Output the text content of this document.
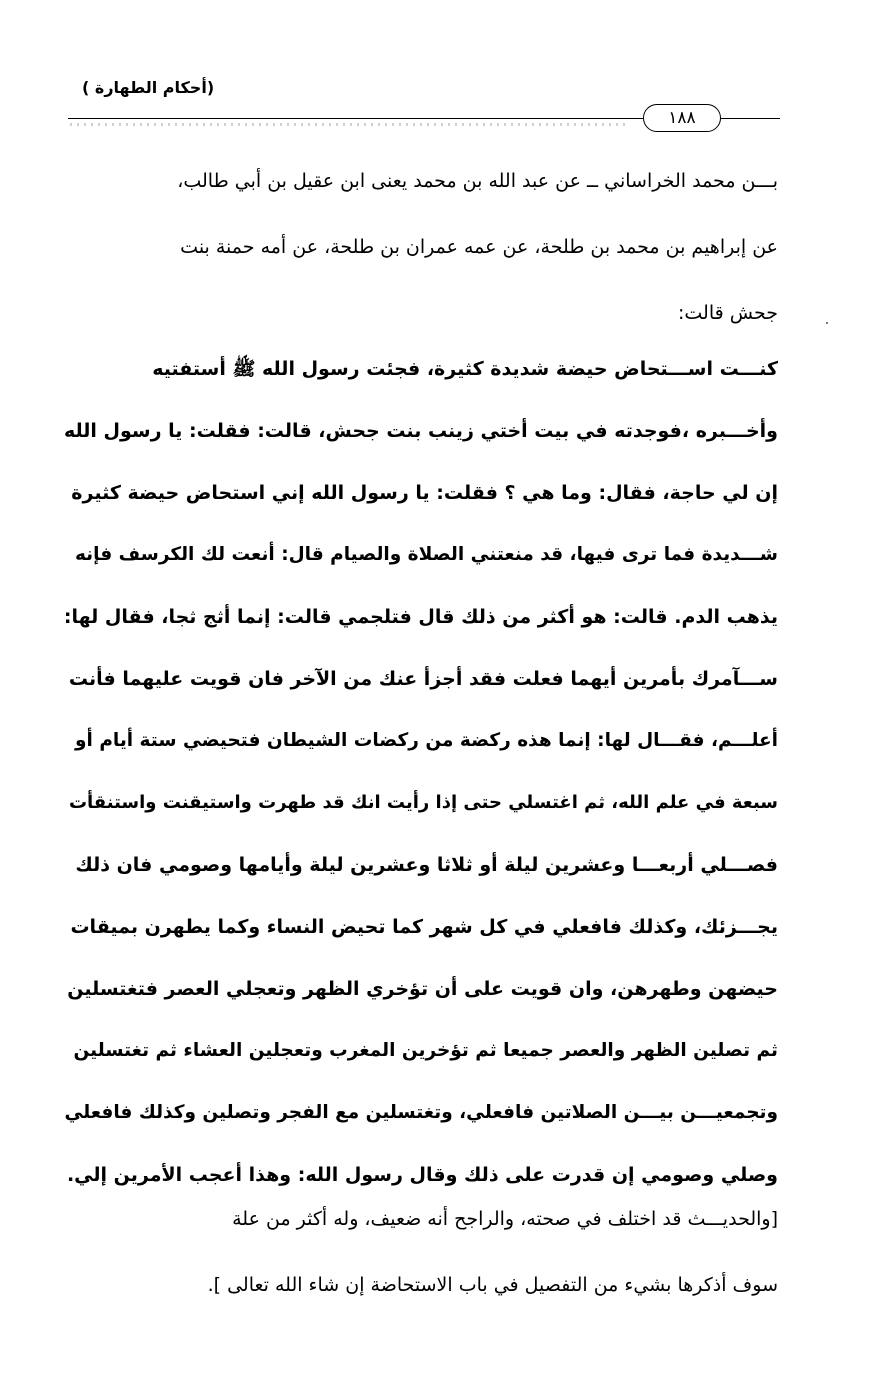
(أحكام الطهارة )
١٨٨
بـــن محمد الخراساني ــ عن عبد الله بن محمد يعنى ابن عقيل بن أبي طالب،
عن إبراهيم بن محمد بن طلحة، عن عمه عمران بن طلحة، عن أمه حمنة بنت
جحش قالت:
كنـــت اســـتحاض حيضة شديدة كثيرة، فجئت رسول الله ﷺ أستفتيه
وأخـــبره ،فوجدته في بيت أختي زينب بنت جحش، قالت: فقلت: يا رسول الله
إن لي حاجة، فقال: وما هي ؟ فقلت: يا رسول الله إني استحاض حيضة كثيرة
شـــديدة فما ترى فيها، قد منعتني الصلاة والصيام قال: أنعت لك الكرسف فإنه
يذهب الدم. قالت: هو أكثر من ذلك قال فتلجمي قالت: إنما أثج ثجا، فقال لها:
ســـآمرك بأمرين أيهما فعلت فقد أجزأ عنك من الآخر فان قويت عليهما فأنت
أعلـــم، فقـــال لها: إنما هذه ركضة من ركضات الشيطان فتحيضي ستة أيام أو
سبعة في علم الله، ثم اغتسلي حتى إذا رأيت انك قد طهرت واستيقنت واستنقأت
فصـــلي أربعـــا وعشرين ليلة أو ثلاثا وعشرين ليلة وأيامها وصومي فان ذلك
يجـــزئك، وكذلك فافعلي في كل شهر كما تحيض النساء وكما يطهرن بميقات
حيضهن وطهرهن، وان قويت على أن تؤخري الظهر وتعجلي العصر فتغتسلين
ثم تصلين الظهر والعصر جميعا ثم تؤخرين المغرب وتعجلين العشاء ثم تغتسلين
وتجمعيـــن بيـــن الصلاتين فافعلي، وتغتسلين مع الفجر وتصلين وكذلك فافعلي
وصلي وصومي إن قدرت على ذلك وقال رسول الله: وهذا أعجب الأمرين إلي.
[والحديـــث قد اختلف في صحته، والراجح أنه ضعيف، وله أكثر من علة
سوف أذكرها بشيء من التفصيل في باب الاستحاضة إن شاء الله تعالى ].
